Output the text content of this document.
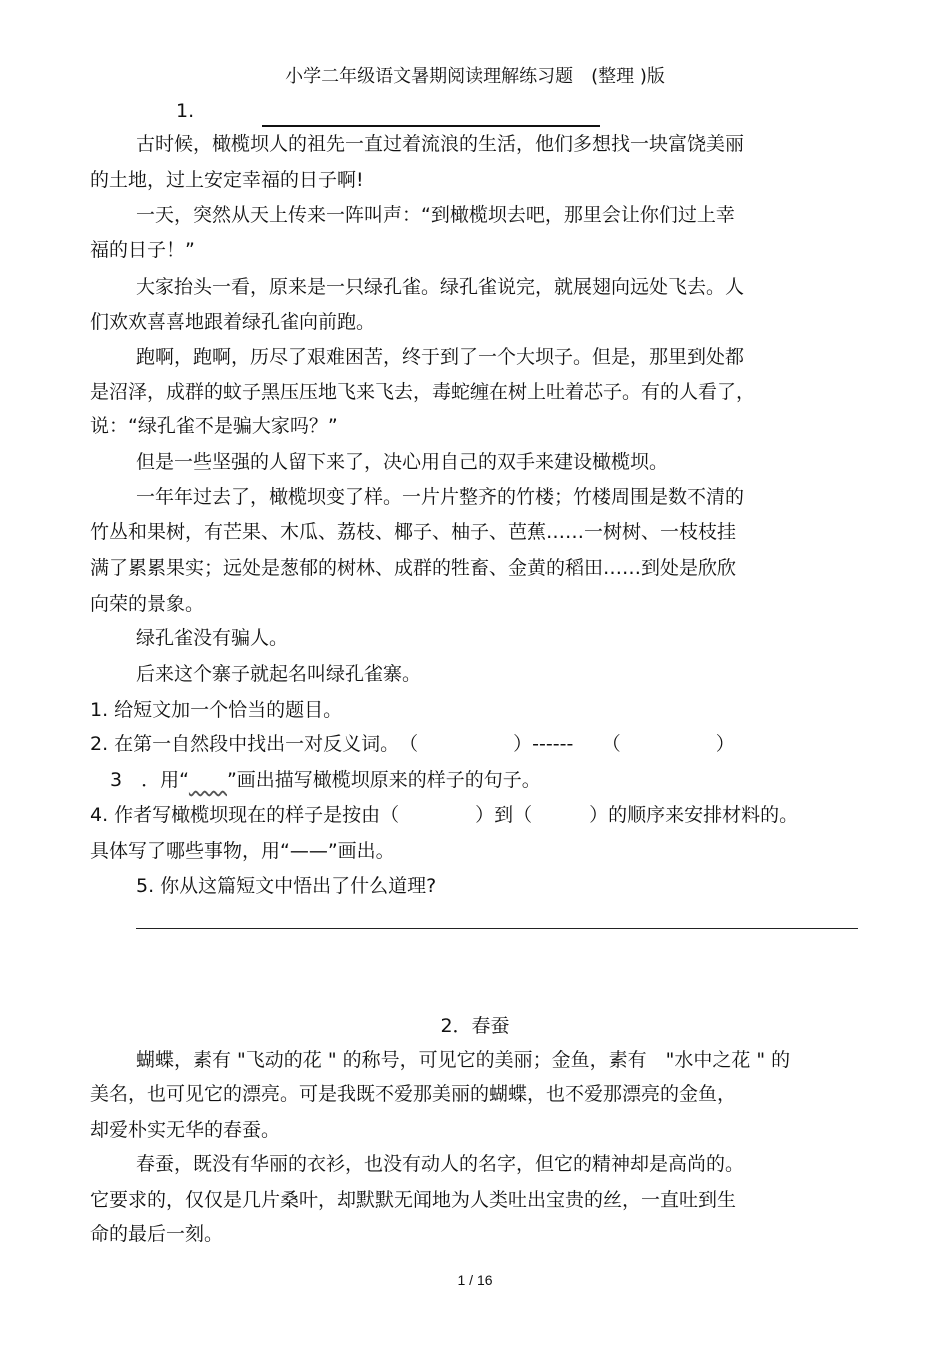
小学二年级语文暑期阅读理解练习题　(整理 )版
1.
古时候，橄榄坝人的祖先一直过着流浪的生活，他们多想找一块富饶美丽
的土地，过上安定幸福的日子啊!
一天，突然从天上传来一阵叫声：“到橄榄坝去吧，那里会让你们过上幸
福的日子！”
大家抬头一看，原来是一只绿孔雀。绿孔雀说完，就展翅向远处飞去。人
们欢欢喜喜地跟着绿孔雀向前跑。
跑啊，跑啊，历尽了艰难困苦，终于到了一个大坝子。但是，那里到处都
是沼泽，成群的蚊子黑压压地飞来飞去，毒蛇缠在树上吐着芯子。有的人看了，
说：“绿孔雀不是骗大家吗？”
但是一些坚强的人留下来了，决心用自己的双手来建设橄榄坝。
一年年过去了，橄榄坝变了样。一片片整齐的竹楼；竹楼周围是数不清的
竹丛和果树，有芒果、木瓜、荔枝、椰子、柚子、芭蕉……一树树、一枝枝挂
满了累累果实；远处是葱郁的树林、成群的牲畜、金黄的稻田……到处是欣欣
向荣的景象。
绿孔雀没有骗人。
后来这个寨子就起名叫绿孔雀寨。
1. 给短文加一个恰当的题目。
2. 在第一自然段中找出一对反义词。　（　　　　　）------　　（　　　　　）
3　．用“　　 ”画出描写橄榄坝原来的样子的句子。
4. 作者写橄榄坝现在的样子是按由（　　　　）到（　　　）的顺序来安排材料的。
具体写了哪些事物，用“——”画出。
5. 你从这篇短文中悟出了什么道理?
2．春蚕
蝴蝶，素有 "飞动的花 " 的称号，可见它的美丽；金鱼，素有　"水中之花 " 的
美名，也可见它的漂亮。可是我既不爱那美丽的蝴蝶，也不爱那漂亮的金鱼，
却爱朴实无华的春蚕。
春蚕，既没有华丽的衣衫，也没有动人的名字，但它的精神却是高尚的。
它要求的，仅仅是几片桑叶，却默默无闻地为人类吐出宝贵的丝，一直吐到生
命的最后一刻。
1 / 16
